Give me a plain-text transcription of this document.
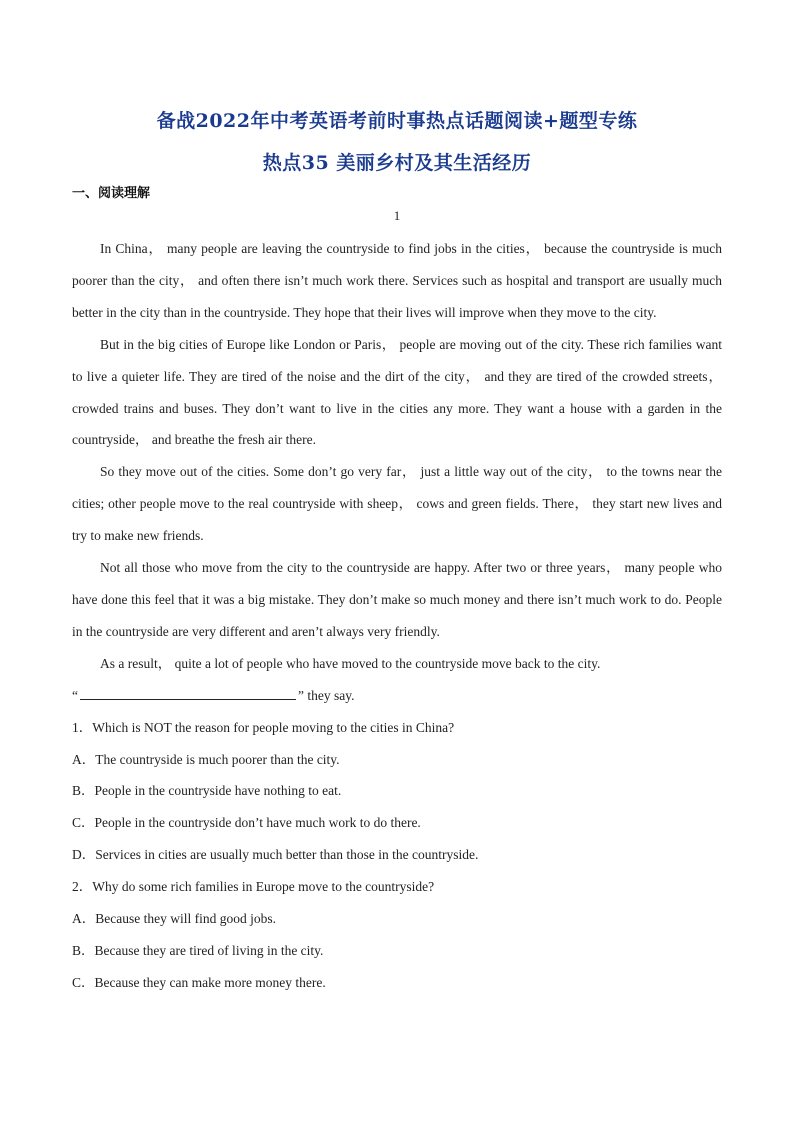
备战2022年中考英语考前时事热点话题阅读+题型专练
热点35 美丽乡村及其生活经历
一、阅读理解
1

In China， many people are leaving the countryside to find jobs in the cities， because the countryside is much poorer than the city， and often there isn’t much work there. Services such as hospital and transport are usually much better in the city than in the countryside. They hope that their lives will improve when they move to the city.

But in the big cities of Europe like London or Paris， people are moving out of the city. These rich families want to live a quieter life. They are tired of the noise and the dirt of the city， and they are tired of the crowded streets， crowded trains and buses. They don’t want to live in the cities any more. They want a house with a garden in the countryside， and breathe the fresh air there.

So they move out of the cities. Some don’t go very far， just a little way out of the city， to the towns near the cities; other people move to the real countryside with sheep， cows and green fields. There， they start new lives and try to make new friends.

Not all those who move from the city to the countryside are happy. After two or three years， many people who have done this feel that it was a big mistake. They don’t make so much money and there isn’t much work to do. People in the countryside are very different and aren’t always very friendly.

As a result， quite a lot of people who have moved to the countryside move back to the city.

“	” they say.

1．Which is NOT the reason for people moving to the cities in China?

A．The countryside is much poorer than the city.

B．People in the countryside have nothing to eat.

C．People in the countryside don’t have much work to do there.

D．Services in cities are usually much better than those in the countryside.

2．Why do some rich families in Europe move to the countryside?

A．Because they will find good jobs.

B．Because they are tired of living in the city.

C．Because they can make more money there.
